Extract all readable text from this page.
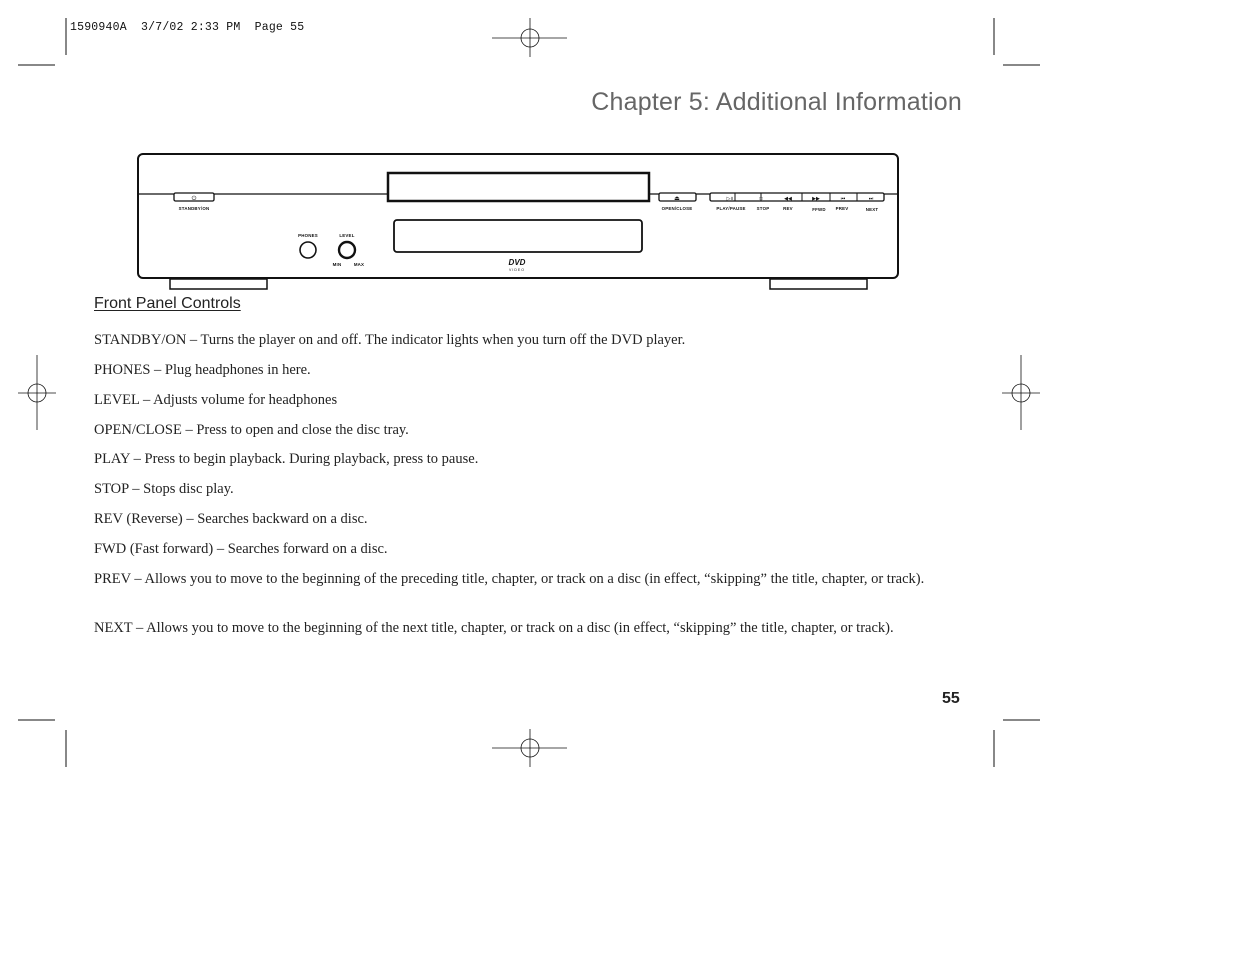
1590940A  3/7/02 2:33 PM  Page 55
Chapter 5: Additional Information
⏻
STANDBY/ON
PHONES	LEVEL
MIN	MAX
⏏
OPEN/CLOSE
▷॥	□	◀◀	▶▶	⏮	⏭
PLAY/PAUSE STOP	REV	FFWD PREV	NEXT
DVD
VIDEO
Front Panel Controls
STANDBY/ON – Turns the player on and off. The indicator lights when you turn off the DVD player.
PHONES – Plug headphones in here.
LEVEL – Adjusts volume for headphones
OPEN/CLOSE – Press to open and close the disc tray.
PLAY – Press to begin playback. During playback, press to pause.
STOP – Stops disc play.
REV (Reverse) – Searches backward on a disc.
FWD (Fast forward) – Searches forward on a disc.
PREV – Allows you to move to the beginning of the preceding title, chapter, or track on a disc (in effect, “skipping” the title, chapter, or track).
NEXT – Allows you to move to the beginning of the next title, chapter, or track on a disc (in effect, “skipping” the title, chapter, or track).
55
